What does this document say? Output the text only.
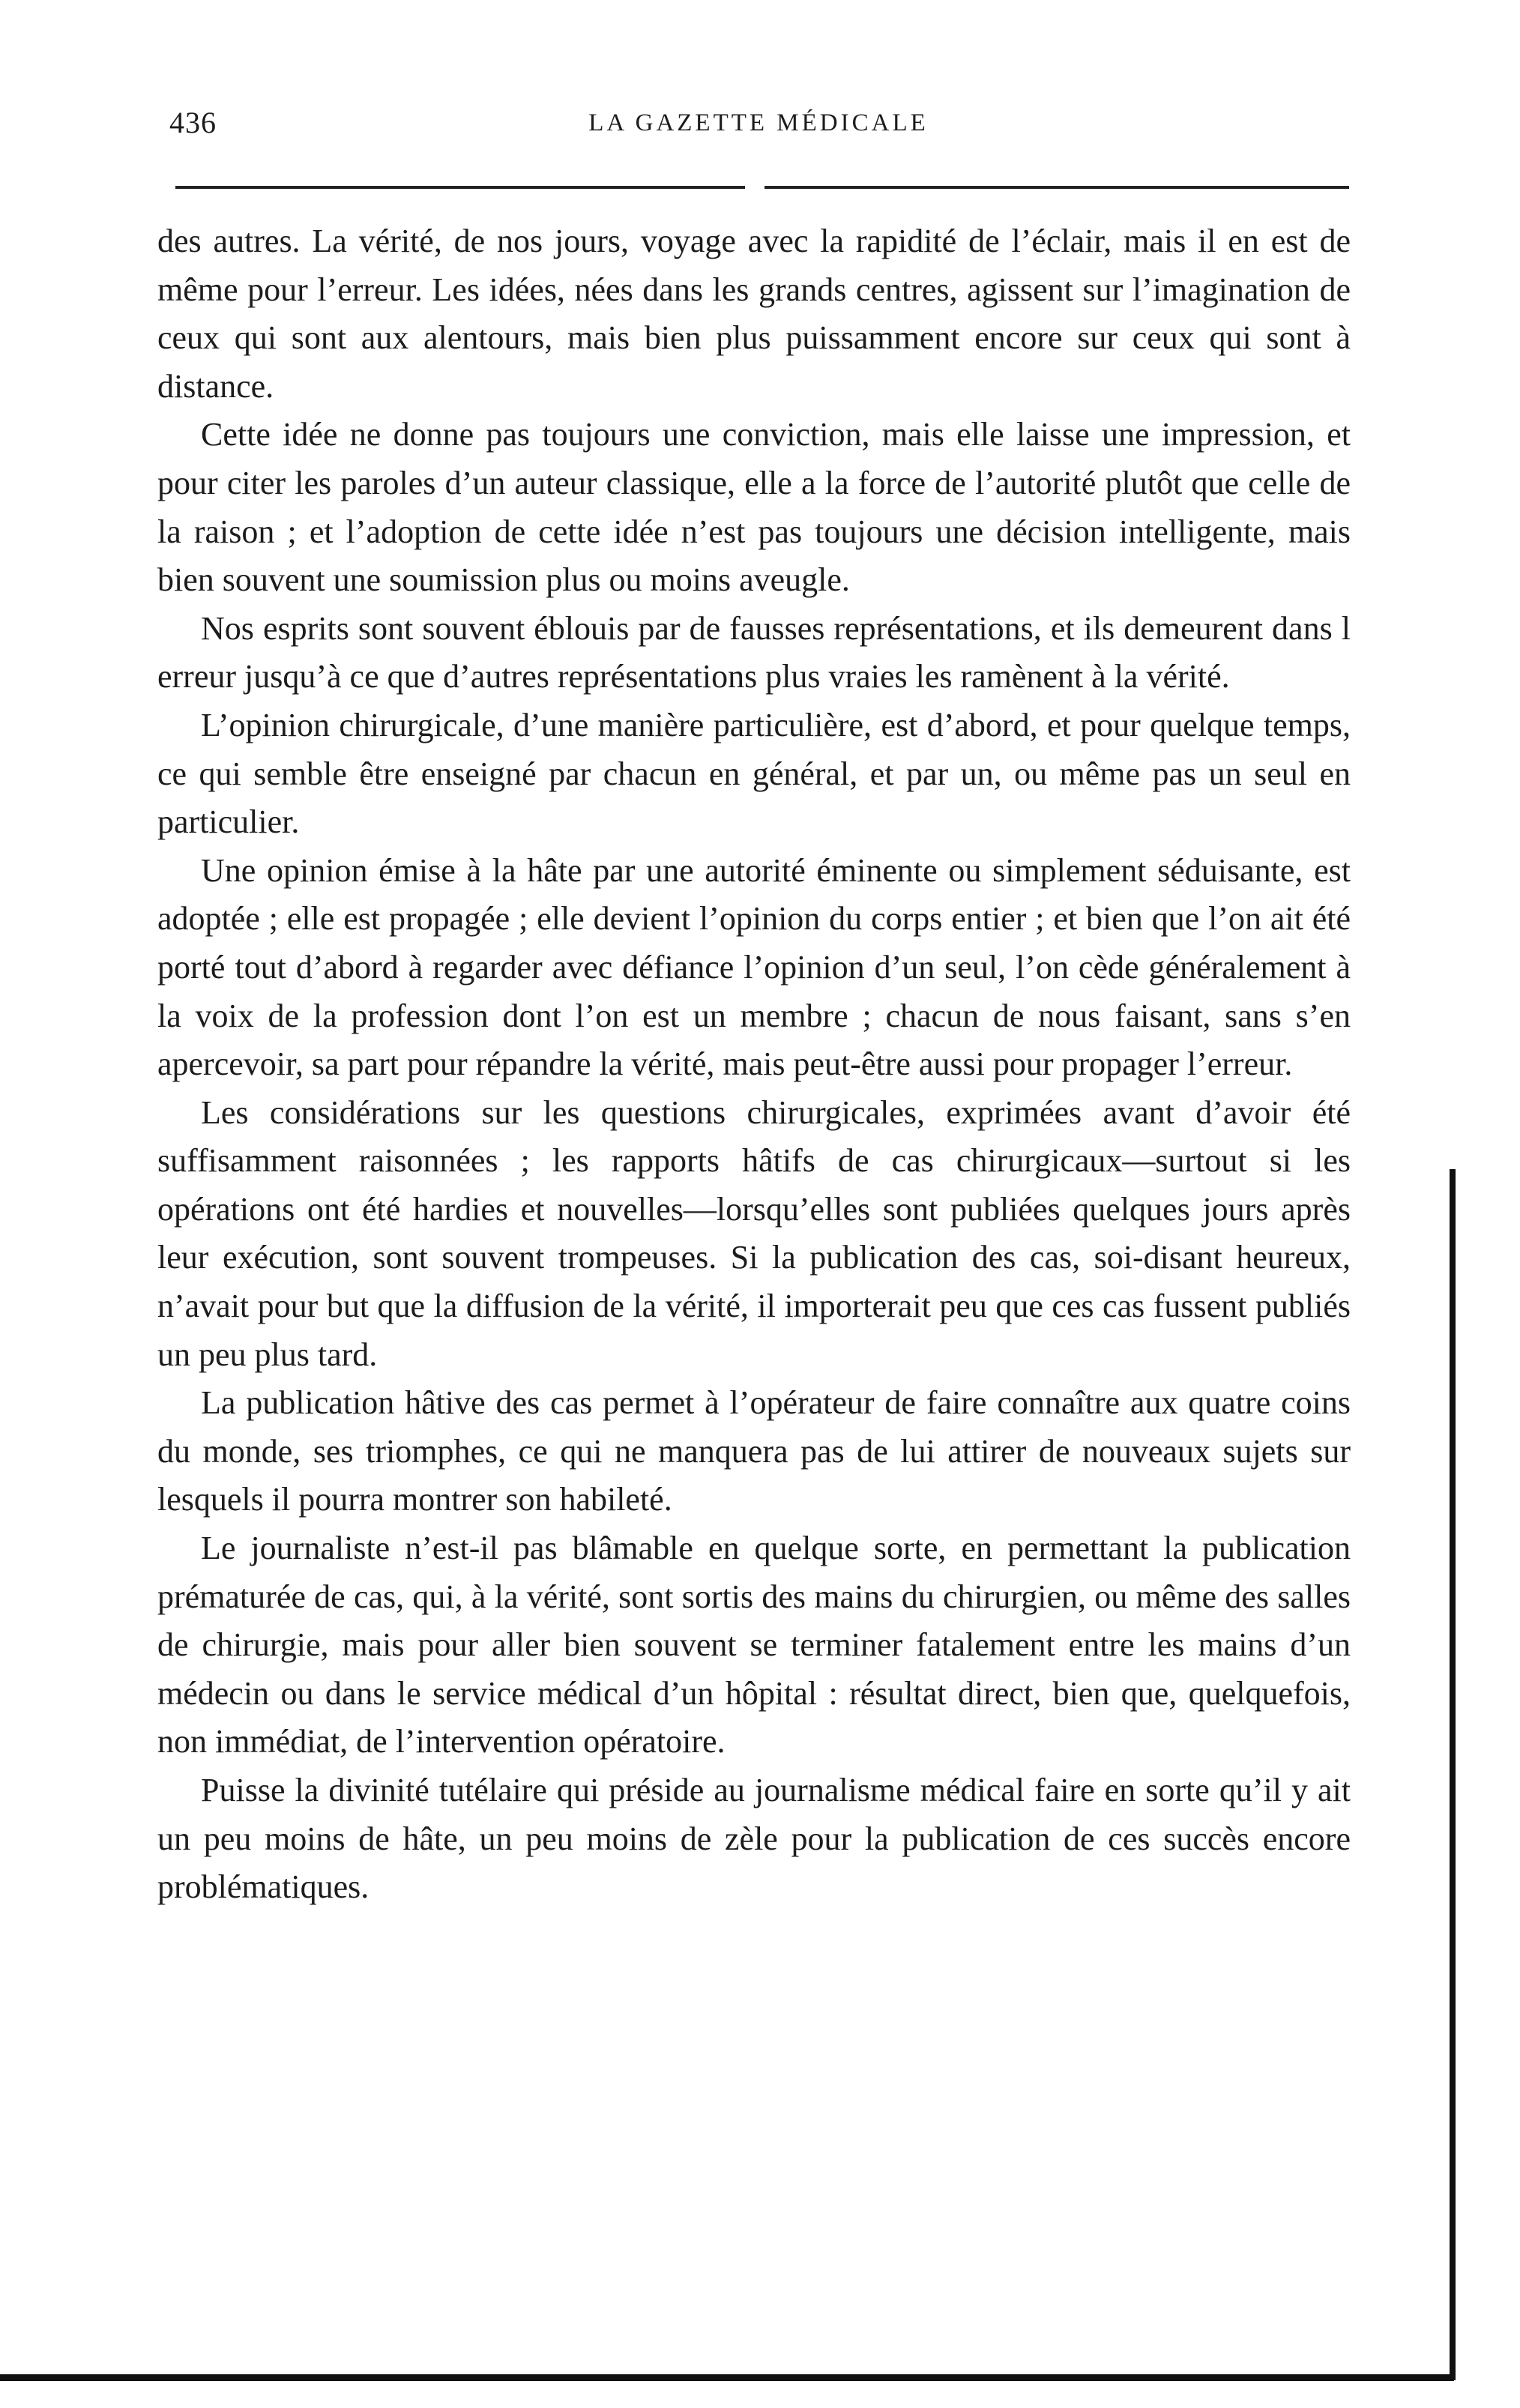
436	LA GAZETTE MÉDICALE

des autres. La vérité, de nos jours, voyage avec la rapidité de l’éclair, mais il en est de même pour l’erreur. Les idées, nées dans les grands centres, agissent sur l’imagination de ceux qui sont aux alentours, mais bien plus puissamment encore sur ceux qui sont à distance.

Cette idée ne donne pas toujours une conviction, mais elle laisse une impression, et pour citer les paroles d’un auteur classique, elle a la force de l’autorité plutôt que celle de la raison ; et l’adoption de cette idée n’est pas toujours une décision intelligente, mais bien souvent une soumission plus ou moins aveugle.

Nos esprits sont souvent éblouis par de fausses représentations, et ils demeurent dans l erreur jusqu’à ce que d’autres représentations plus vraies les ramènent à la vérité.

L’opinion chirurgicale, d’une manière particulière, est d’abord, et pour quelque temps, ce qui semble être enseigné par chacun en général, et par un, ou même pas un seul en particulier.

Une opinion émise à la hâte par une autorité éminente ou simplement séduisante, est adoptée ; elle est propagée ; elle devient l’opinion du corps entier ; et bien que l’on ait été porté tout d’abord à regarder avec défiance l’opinion d’un seul, l’on cède généralement à la voix de la profession dont l’on est un membre ; chacun de nous faisant, sans s’en apercevoir, sa part pour répandre la vérité, mais peut-être aussi pour propager l’erreur.

Les considérations sur les questions chirurgicales, exprimées avant d’avoir été suffisamment raisonnées ; les rapports hâtifs de cas chirurgicaux—surtout si les opérations ont été hardies et nouvelles—lorsqu’elles sont publiées quelques jours après leur exécution, sont souvent trompeuses. Si la publication des cas, soi-disant heureux, n’avait pour but que la diffusion de la vérité, il importerait peu que ces cas fussent publiés un peu plus tard.

La publication hâtive des cas permet à l’opérateur de faire connaître aux quatre coins du monde, ses triomphes, ce qui ne manquera pas de lui attirer de nouveaux sujets sur lesquels il pourra montrer son habileté.

Le journaliste n’est-il pas blâmable en quelque sorte, en permettant la publication prématurée de cas, qui, à la vérité, sont sortis des mains du chirurgien, ou même des salles de chirurgie, mais pour aller bien souvent se terminer fatalement entre les mains d’un médecin ou dans le service médical d’un hôpital : résultat direct, bien que, quelquefois, non immédiat, de l’intervention opératoire.

Puisse la divinité tutélaire qui préside au journalisme médical faire en sorte qu’il y ait un peu moins de hâte, un peu moins de zèle pour la publication de ces succès encore problématiques.
